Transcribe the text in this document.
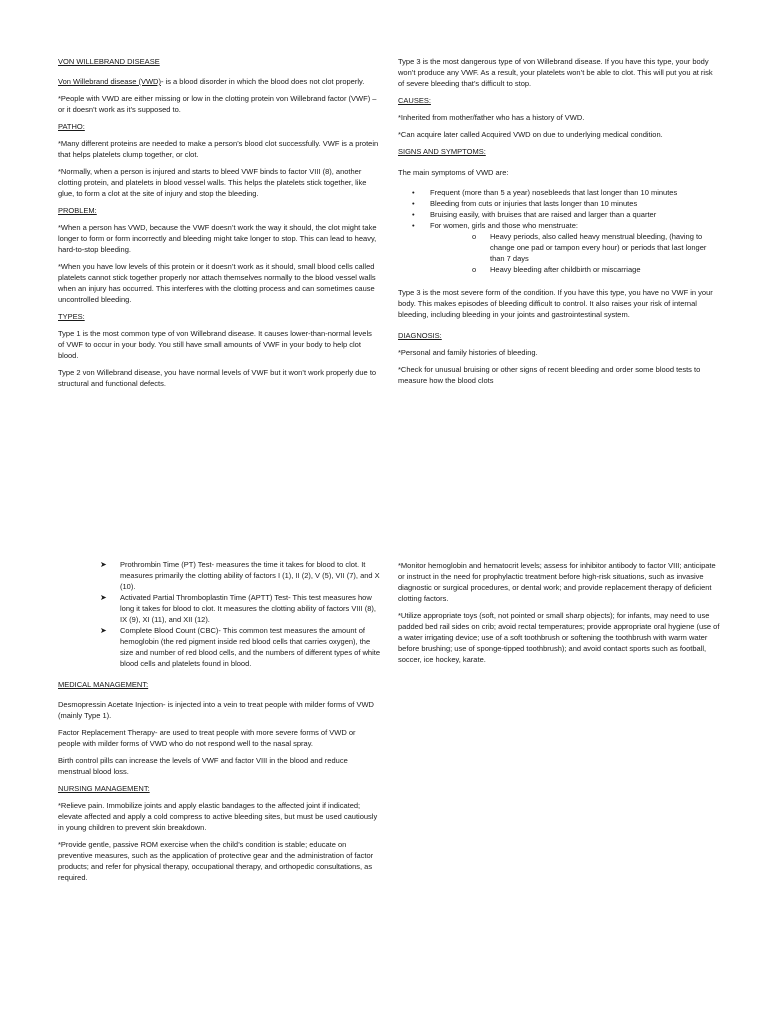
VON WILLEBRAND DISEASE

Von Willebrand disease (VWD)- is a blood disorder in which the blood does not clot properly.

*People with VWD are either missing or low in the clotting protein von Willebrand factor (VWF) – or it doesn’t work as it’s supposed to.

PATHO:

*Many different proteins are needed to make a person’s blood clot successfully. VWF is a protein that helps platelets clump together, or clot.

*Normally, when a person is injured and starts to bleed VWF binds to factor VIII (8), another clotting protein, and platelets in blood vessel walls. This helps the platelets stick together, like glue, to form a clot at the site of injury and stop the bleeding.

PROBLEM:

*When a person has VWD, because the VWF doesn’t work the way it should, the clot might take longer to form or form incorrectly and bleeding might take longer to stop. This can lead to heavy, hard-to-stop bleeding.

*When you have low levels of this protein or it doesn’t work as it should, small blood cells called platelets cannot stick together properly nor attach themselves normally to the blood vessel walls when an injury has occurred. This interferes with the clotting process and can sometimes cause uncontrolled bleeding.

TYPES:

Type 1 is the most common type of von Willebrand disease. It causes lower-than-normal levels of VWF to occur in your body. You still have small amounts of VWF in your body to help clot blood.

Type 2 von Willebrand disease, you have normal levels of VWF but it won’t work properly due to structural and functional defects.

Type 3 is the most dangerous type of von Willebrand disease. If you have this type, your body won’t produce any VWF. As a result, your platelets won’t be able to clot. This will put you at risk of severe bleeding that’s difficult to stop.

CAUSES:

*Inherited from mother/father who has a history of VWD.

*Can acquire later called Acquired VWD on due to underlying medical condition.

SIGNS AND SYMPTOMS:

The main symptoms of VWD are:

• Frequent (more than 5 a year) nosebleeds that last longer than 10 minutes
• Bleeding from cuts or injuries that lasts longer than 10 minutes
• Bruising easily, with bruises that are raised and larger than a quarter
• For women, girls and those who menstruate:
o Heavy periods, also called heavy menstrual bleeding, (having to change one pad or tampon every hour) or periods that last longer than 7 days
o Heavy bleeding after childbirth or miscarriage

Type 3 is the most severe form of the condition. If you have this type, you have no VWF in your body. This makes episodes of bleeding difficult to control. It also raises your risk of internal bleeding, including bleeding in your joints and gastrointestinal system.

DIAGNOSIS:

*Personal and family histories of bleeding.

*Check for unusual bruising or other signs of recent bleeding and order some blood tests to measure how the blood clots

➤ Prothrombin Time (PT) Test- measures the time it takes for blood to clot. It measures primarily the clotting ability of factors I (1), II (2), V (5), VII (7), and X (10).
➤ Activated Partial Thromboplastin Time (APTT) Test- This test measures how long it takes for blood to clot. It measures the clotting ability of factors VIII (8), IX (9), XI (11), and XII (12).
➤ Complete Blood Count (CBC)- This common test measures the amount of hemoglobin (the red pigment inside red blood cells that carries oxygen), the size and number of red blood cells, and the numbers of different types of white blood cells and platelets found in blood.
MEDICAL MANAGEMENT:

Desmopressin Acetate Injection- is injected into a vein to treat people with milder forms of VWD (mainly Type 1).

Factor Replacement Therapy- are used to treat people with more severe forms of VWD or people with milder forms of VWD who do not respond well to the nasal spray.

Birth control pills can increase the levels of VWF and factor VIII in the blood and reduce menstrual blood loss.

NURSING MANAGEMENT:

*Relieve pain. Immobilize joints and apply elastic bandages to the affected joint if indicated; elevate affected and apply a cold compress to active bleeding sites, but must be used cautiously in young children to prevent skin breakdown.

*Provide gentle, passive ROM exercise when the child’s condition is stable; educate on preventive measures, such as the application of protective gear and the administration of factor products; and refer for physical therapy, occupational therapy, and orthopedic consultations, as required.

*Monitor hemoglobin and hematocrit levels; assess for inhibitor antibody to factor VIII; anticipate or instruct in the need for prophylactic treatment before high-risk situations, such as invasive diagnostic or surgical procedures, or dental work; and provide replacement therapy of deficient clotting factors.

*Utilize appropriate toys (soft, not pointed or small sharp objects); for infants, may need to use padded bed rail sides on crib; avoid rectal temperatures; provide appropriate oral hygiene (use of a water irrigating device; use of a soft toothbrush or softening the toothbrush with warm water before brushing; use of sponge-tipped toothbrush); and avoid contact sports such as football, soccer, ice hockey, karate.
